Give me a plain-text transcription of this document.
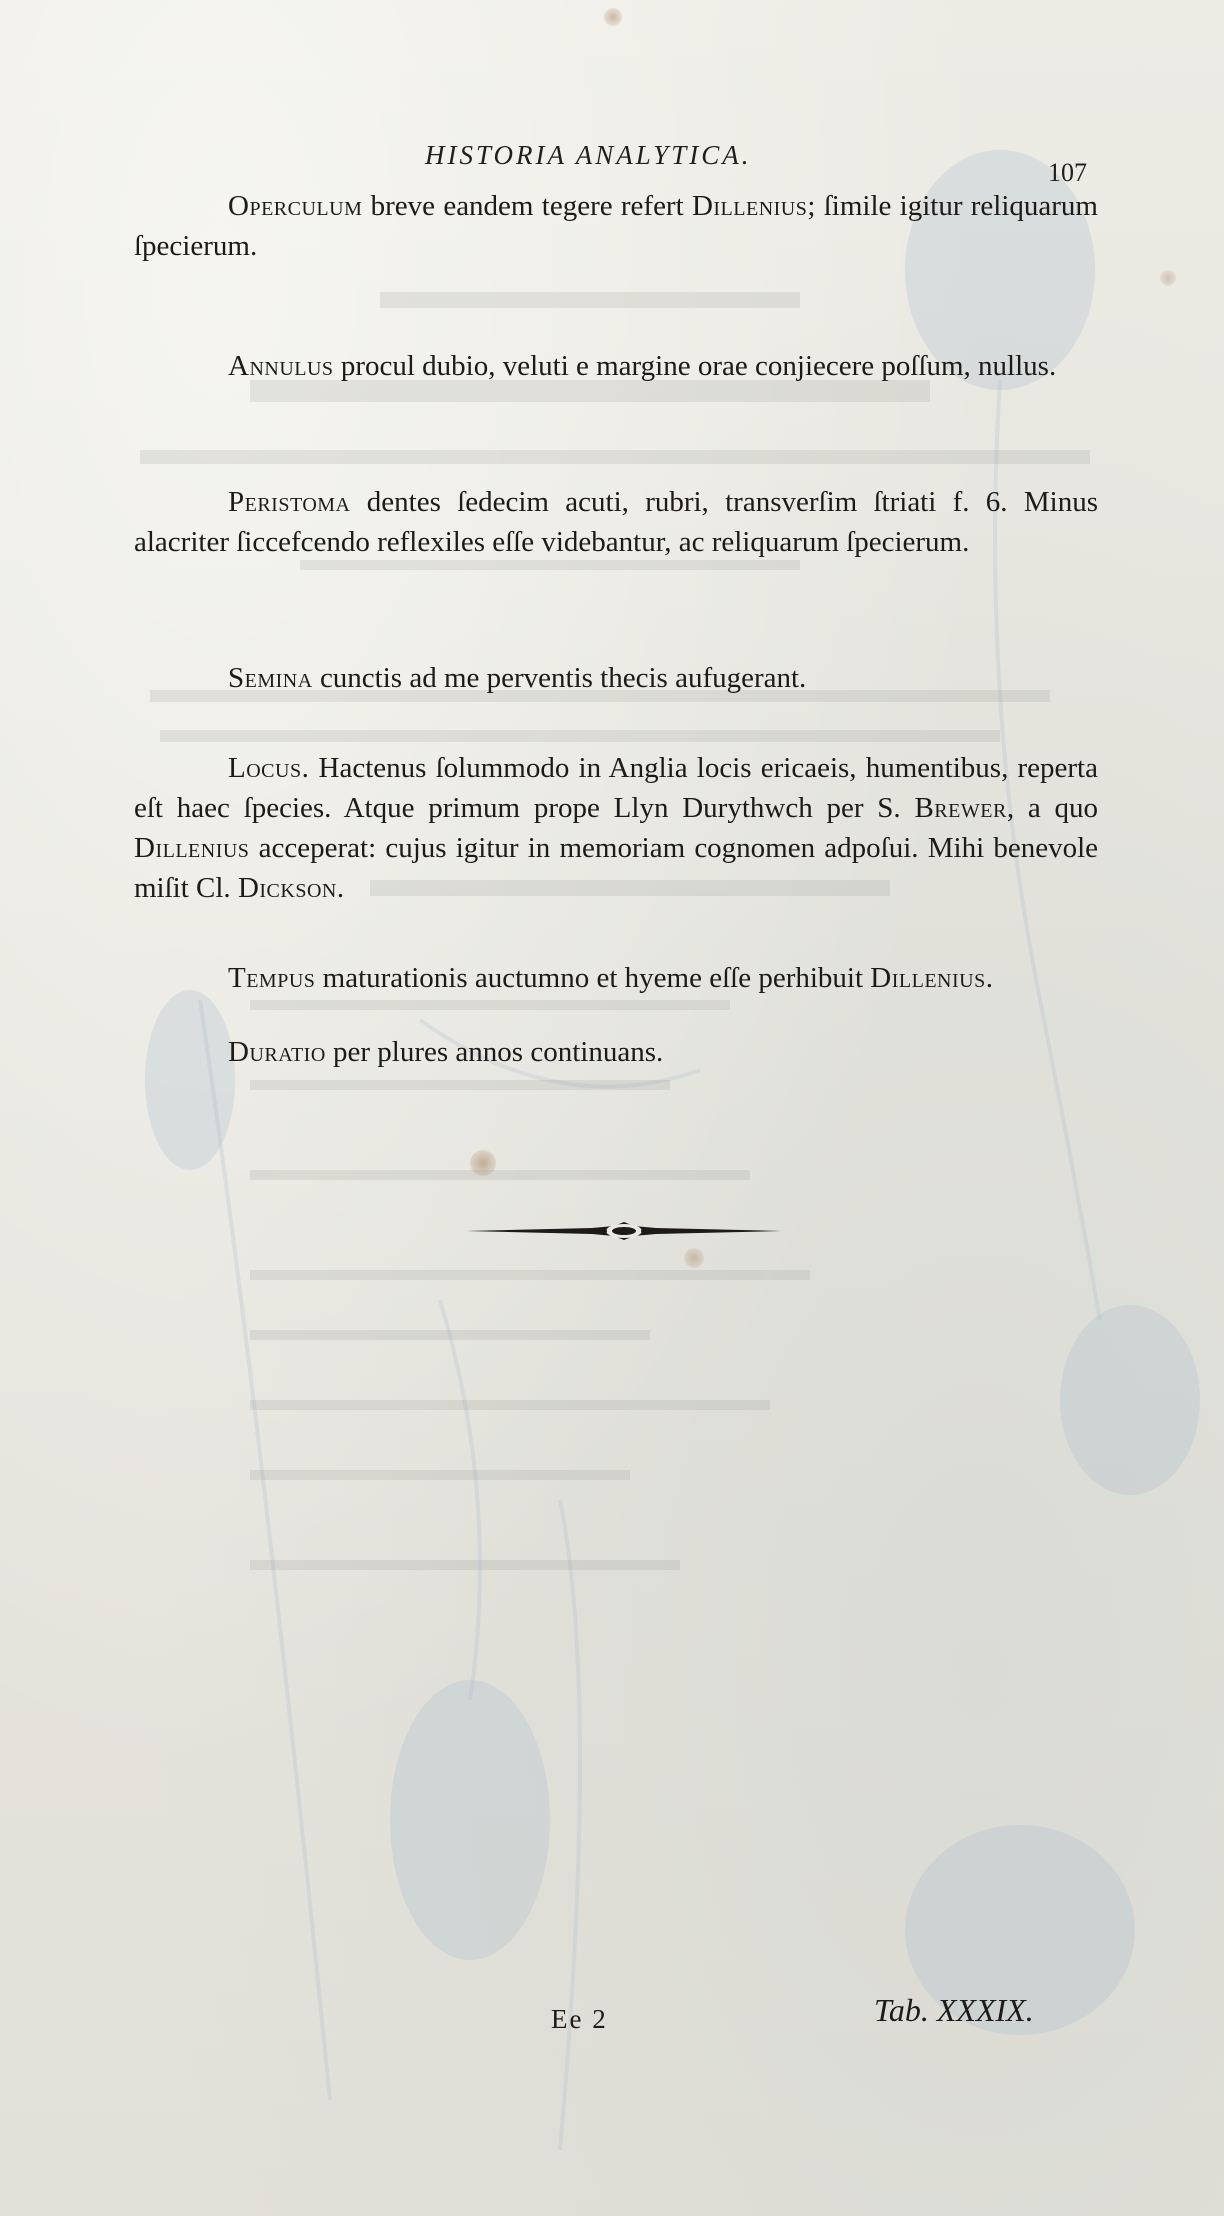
HISTORIA ANALYTICA.
107

Operculum breve eandem tegere refert Dillenius; ſimile igitur reliquarum ſpecierum.

Annulus procul dubio, veluti e margine orae conjiecere poſſum, nullus.

Peristoma dentes ſedecim acuti, rubri, transverſim ſtriati f. 6. Minus alacriter ſiccefcendo reflexiles eſſe videbantur, ac reliquarum ſpecierum.

Semina cunctis ad me perventis thecis aufugerant.

Locus. Hactenus ſolummodo in Anglia locis ericaeis, humentibus, reperta eſt haec ſpecies. Atque primum prope Llyn Durythwch per S. Brewer, a quo Dillenius acceperat: cujus igitur in memoriam cognomen adpoſui. Mihi benevole miſit Cl. Dickson.

Tempus maturationis auctumno et hyeme eſſe perhibuit Dillenius.

Duratio per plures annos continuans.

Ee 2	Tab. XXXIX.
